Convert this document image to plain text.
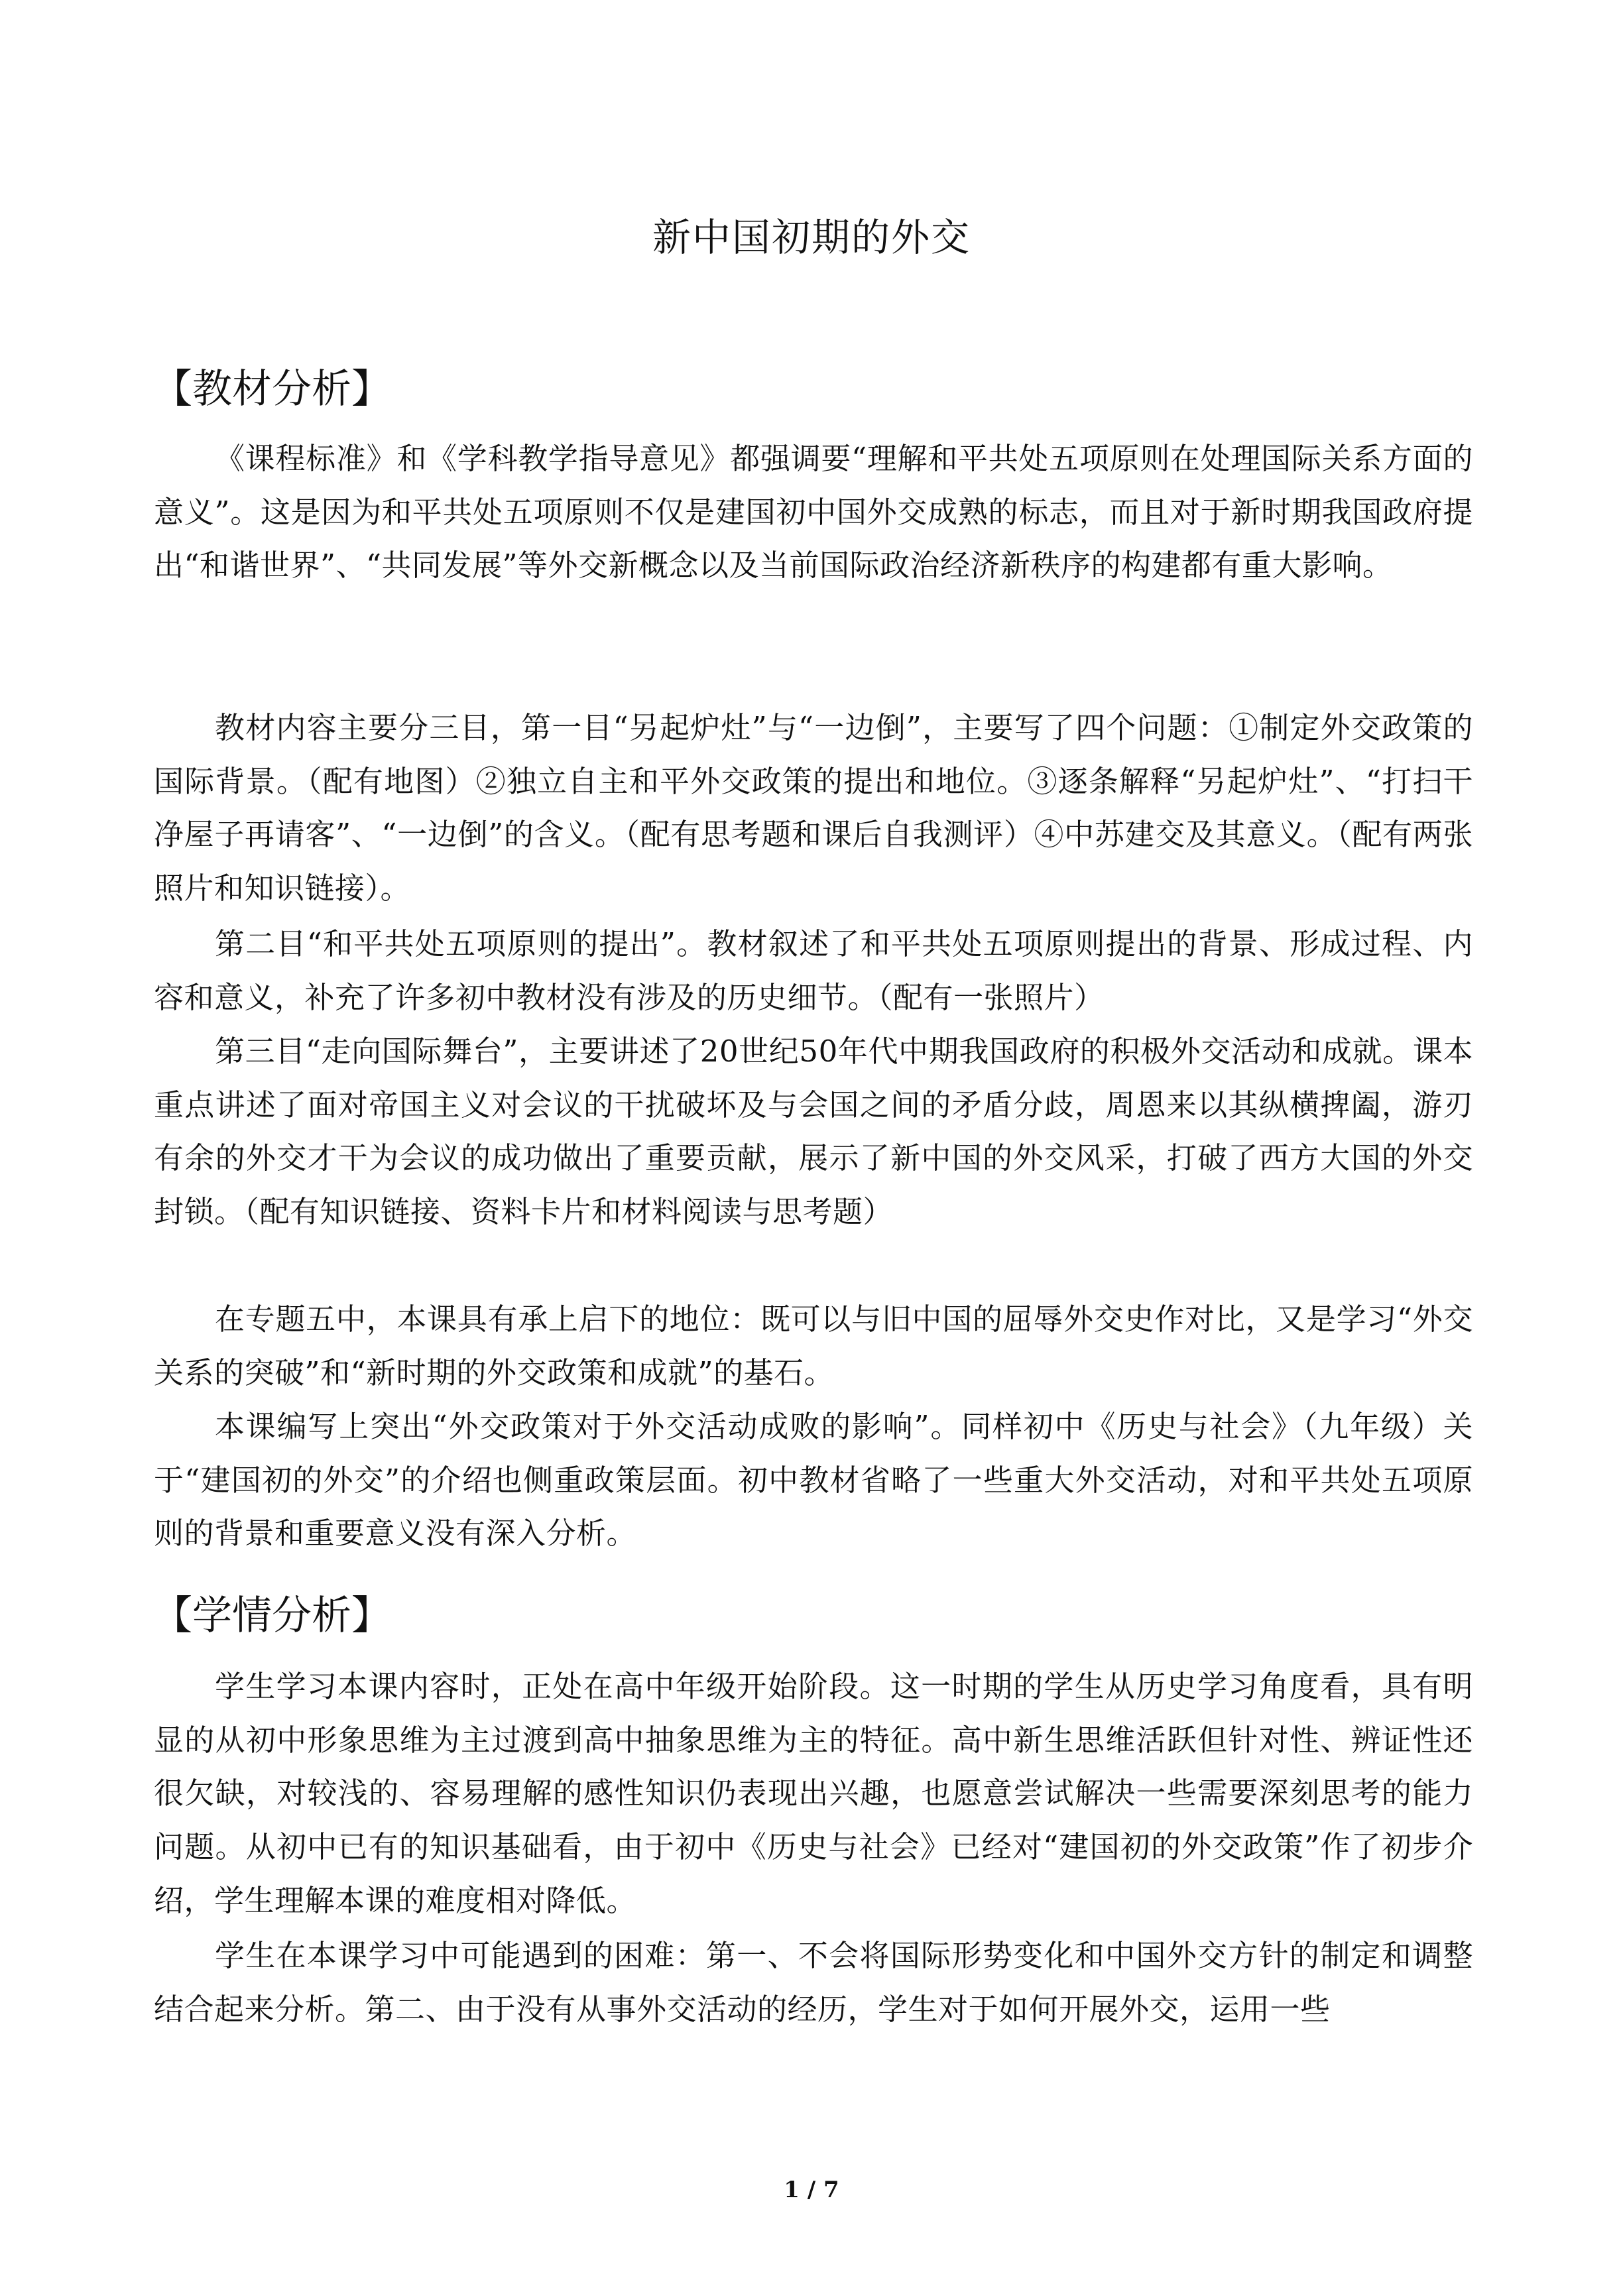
新中国初期的外交
【教材分析】

《课程标准》和《学科教学指导意见》都强调要“理解和平共处五项原则在处理国际关系方面的意义”。这是因为和平共处五项原则不仅是建国初中国外交成熟的标志，而且对于新时期我国政府提出“和谐世界”、“共同发展”等外交新概念以及当前国际政治经济新秩序的构建都有重大影响。

教材内容主要分三目，第一目“另起炉灶”与“一边倒”，主要写了四个问题：①制定外交政策的国际背景。（配有地图）②独立自主和平外交政策的提出和地位。③逐条解释“另起炉灶”、“打扫干净屋子再请客”、“一边倒”的含义。（配有思考题和课后自我测评）④中苏建交及其意义。（配有两张照片和知识链接）。

第二目“和平共处五项原则的提出”。教材叙述了和平共处五项原则提出的背景、形成过程、内容和意义，补充了许多初中教材没有涉及的历史细节。（配有一张照片）

第三目“走向国际舞台”，主要讲述了20世纪50年代中期我国政府的积极外交活动和成就。课本重点讲述了面对帝国主义对会议的干扰破坏及与会国之间的矛盾分歧，周恩来以其纵横捭阖，游刃有余的外交才干为会议的成功做出了重要贡献，展示了新中国的外交风采，打破了西方大国的外交封锁。（配有知识链接、资料卡片和材料阅读与思考题）

在专题五中，本课具有承上启下的地位：既可以与旧中国的屈辱外交史作对比，又是学习“外交关系的突破”和“新时期的外交政策和成就”的基石。

本课编写上突出“外交政策对于外交活动成败的影响”。同样初中《历史与社会》（九年级）关于“建国初的外交”的介绍也侧重政策层面。初中教材省略了一些重大外交活动，对和平共处五项原则的背景和重要意义没有深入分析。

【学情分析】

学生学习本课内容时，正处在高中年级开始阶段。这一时期的学生从历史学习角度看，具有明显的从初中形象思维为主过渡到高中抽象思维为主的特征。高中新生思维活跃但针对性、辨证性还很欠缺，对较浅的、容易理解的感性知识仍表现出兴趣，也愿意尝试解决一些需要深刻思考的能力问题。从初中已有的知识基础看，由于初中《历史与社会》已经对“建国初的外交政策”作了初步介绍，学生理解本课的难度相对降低。

学生在本课学习中可能遇到的困难：第一、不会将国际形势变化和中国外交方针的制定和调整结合起来分析。第二、由于没有从事外交活动的经历，学生对于如何开展外交，运用一些

1 / 7
